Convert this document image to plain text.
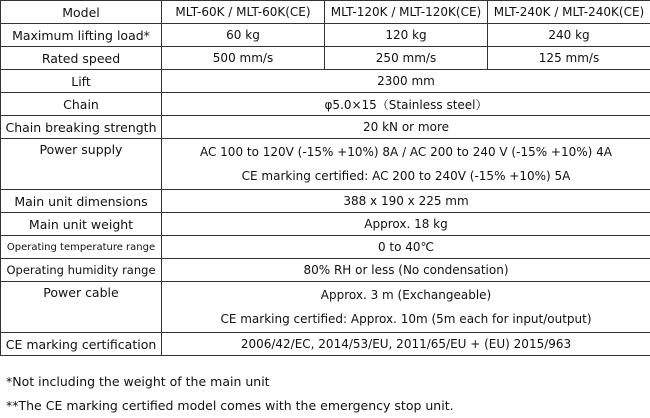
Model	MLT-60K / MLT-60K(CE)	MLT-120K / MLT-120K(CE)	MLT-240K / MLT-240K(CE)
Maximum lifting load*	60 kg	120 kg	240 kg
Rated speed	500 mm/s	250 mm/s	125 mm/s
Lift	2300 mm		
Chain	φ5.0×15（Stainless steel）		
Chain breaking strength	20 kN or more		
Power supply	AC 100 to 120V (-15% +10%) 8A / AC 200 to 240 V (-15% +10%) 4A
CE marking certified: AC 200 to 240V (-15% +10%) 5A		

Main unit dimensions	388 x 190 x 225 mm		
Main unit weight	Approx. 18 kg		
Operating temperature range	0 to 40℃		
Operating humidity range	80% RH or less (No condensation)		
Power cable	Approx. 3 m (Exchangeable)
CE marking certified: Approx. 10m (5m each for input/output)		

CE marking certification	2006/42/EC, 2014/53/EU, 2011/65/EU + (EU) 2015/963		
*Not including the weight of the main unit
**The CE marking certified model comes with the emergency stop unit.
